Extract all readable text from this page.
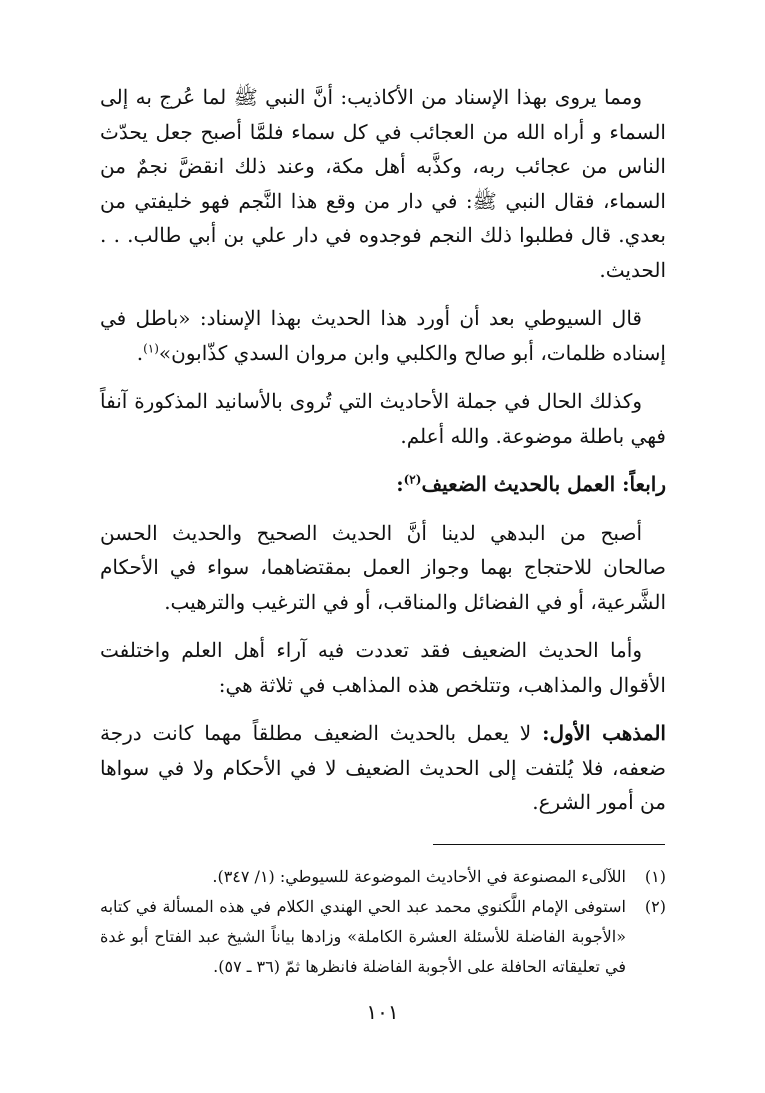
ومما يروى بهذا الإسناد من الأكاذيب: أنَّ النبي ﷺ لما عُرج به إلى السماء و أراه الله من العجائب في كل سماء فلمَّا أصبح جعل يحدّث الناس من عجائب ربه، وكذَّبه أهل مكة، وعند ذلك انقضَّ نجمٌ من السماء، فقال النبي ﷺ: في دار من وقع هذا النَّجم فهو خليفتي من بعدي. قال فطلبوا ذلك النجم فوجدوه في دار علي بن أبي طالب. . . الحديث.

قال السيوطي بعد أن أورد هذا الحديث بهذا الإسناد: «باطل في إسناده ظلمات، أبو صالح والكلبي وابن مروان السدي كذّابون»$^{(١)}$.

وكذلك الحال في جملة الأحاديث التي تُروى بالأسانيد المذكورة آنفاً فهي باطلة موضوعة. والله أعلم.

رابعاً: العمل بالحديث الضعيف$^{(٢)}$:

أصبح من البدهي لدينا أنَّ الحديث الصحيح والحديث الحسن صالحان للاحتجاج بهما وجواز العمل بمقتضاهما، سواء في الأحكام الشَّرعية، أو في الفضائل والمناقب، أو في الترغيب والترهيب.

وأما الحديث الضعيف فقد تعددت فيه آراء أهل العلم واختلفت الأقوال والمذاهب، وتتلخص هذه المذاهب في ثلاثة هي:

المذهب الأول: لا يعمل بالحديث الضعيف مطلقاً مهما كانت درجة ضعفه، فلا يُلتفت إلى الحديث الضعيف لا في الأحكام ولا في سواها من أمور الشرع.

(١)
اللآلىء المصنوعة في الأحاديث الموضوعة للسيوطي: (١/ ٣٤٧).
(٢)
استوفى الإمام اللَّكنوي محمد عبد الحي الهندي الكلام في هذه المسألة في كتابه «الأجوبة الفاضلة للأسئلة العشرة الكاملة» وزادها بياناً الشيخ عبد الفتاح أبو غدة في تعليقاته الحافلة على الأجوبة الفاضلة فانظرها ثمّ (٣٦ ـ ٥٧).
١٠١
